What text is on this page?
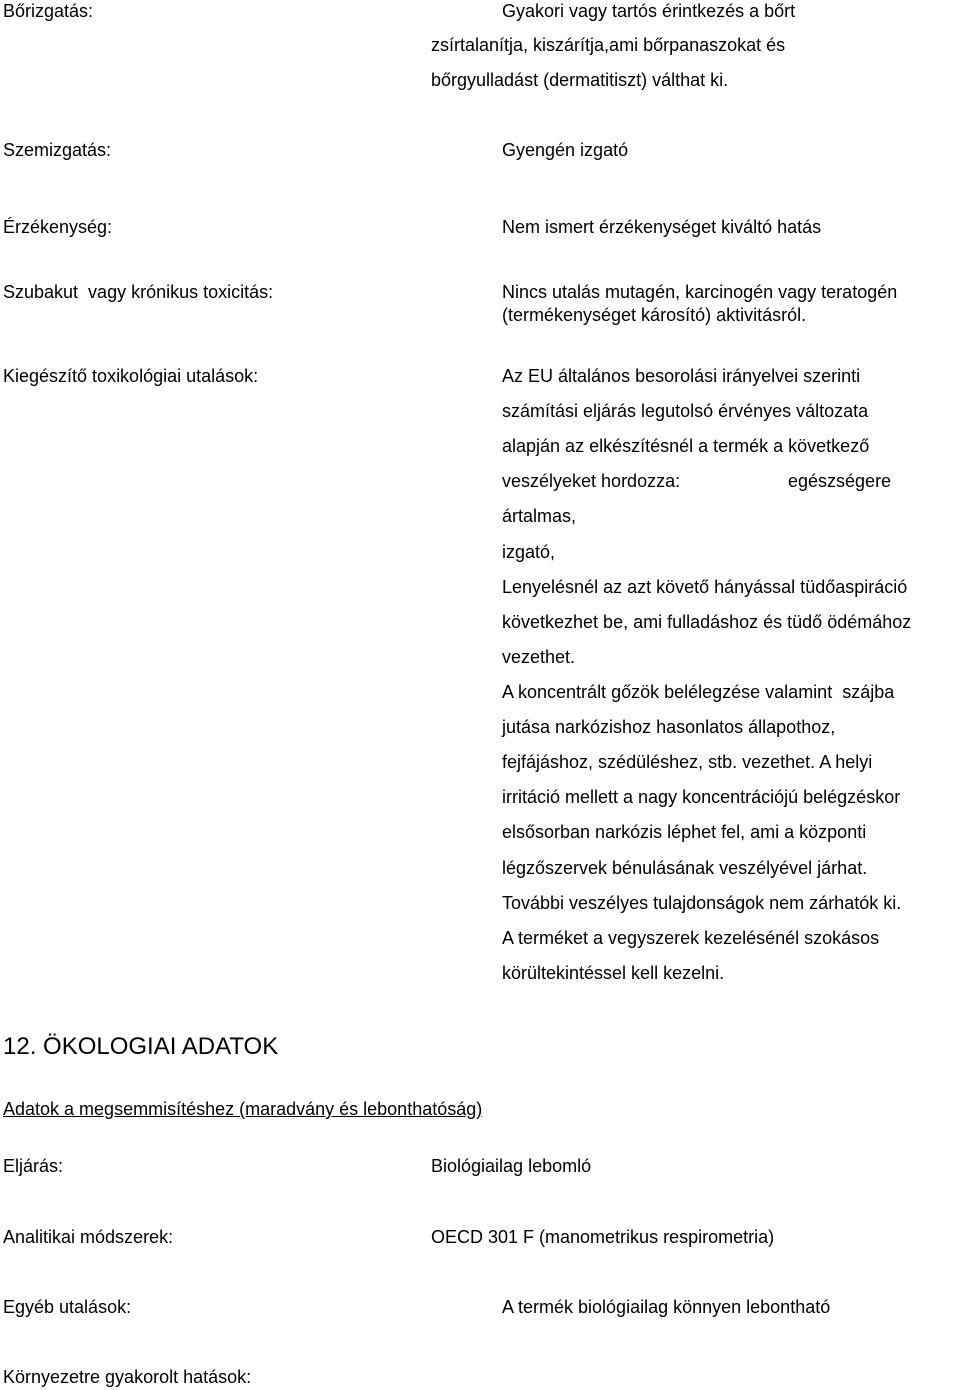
Bőrizgatás:	Gyakori vagy tartós érintkezés a bőrt
zsírtalanítja, kiszárítja,ami bőrpanaszokat és
bőrgyulladást (dermatitiszt) válthat ki.
Szemizgatás:	Gyengén izgató
Érzékenység:	Nem ismert érzékenységet kiváltó hatás
Szubakut  vagy krónikus toxicitás:	Nincs utalás mutagén, karcinogén vagy teratogén
(termékenységet károsító) aktivitásról.
Kiegészítő toxikológiai utalások:	Az EU általános besorolási irányelvei szerinti
számítási eljárás legutolsó érvényes változata
alapján az elkészítésnél a termék a következő
veszélyeket hordozza:	egészségere
ártalmas,
izgató,
Lenyelésnél az azt követő hányással tüdőaspiráció
következhet be, ami fulladáshoz és tüdő ödémához
vezethet.
A koncentrált gőzök belélegzése valamint  szájba
jutása narkózishoz hasonlatos állapothoz,
fejfájáshoz, szédüléshez, stb. vezethet. A helyi
irritáció mellett a nagy koncentrációjú belégzéskor
elsősorban narkózis léphet fel, ami a központi
légzőszervek bénulásának veszélyével járhat.
További veszélyes tulajdonságok nem zárhatók ki.
A terméket a vegyszerek kezelésénél szokásos
körültekintéssel kell kezelni.
12. ÖKOLOGIAI ADATOK
Adatok a megsemmisítéshez (maradvány és lebonthatóság)
Eljárás:	Biológiailag lebomló
Analitikai módszerek:	OECD 301 F (manometrikus respirometria)
Egyéb utalások:	A termék biológiailag könnyen lebontható
Környezetre gyakorolt hatások:
